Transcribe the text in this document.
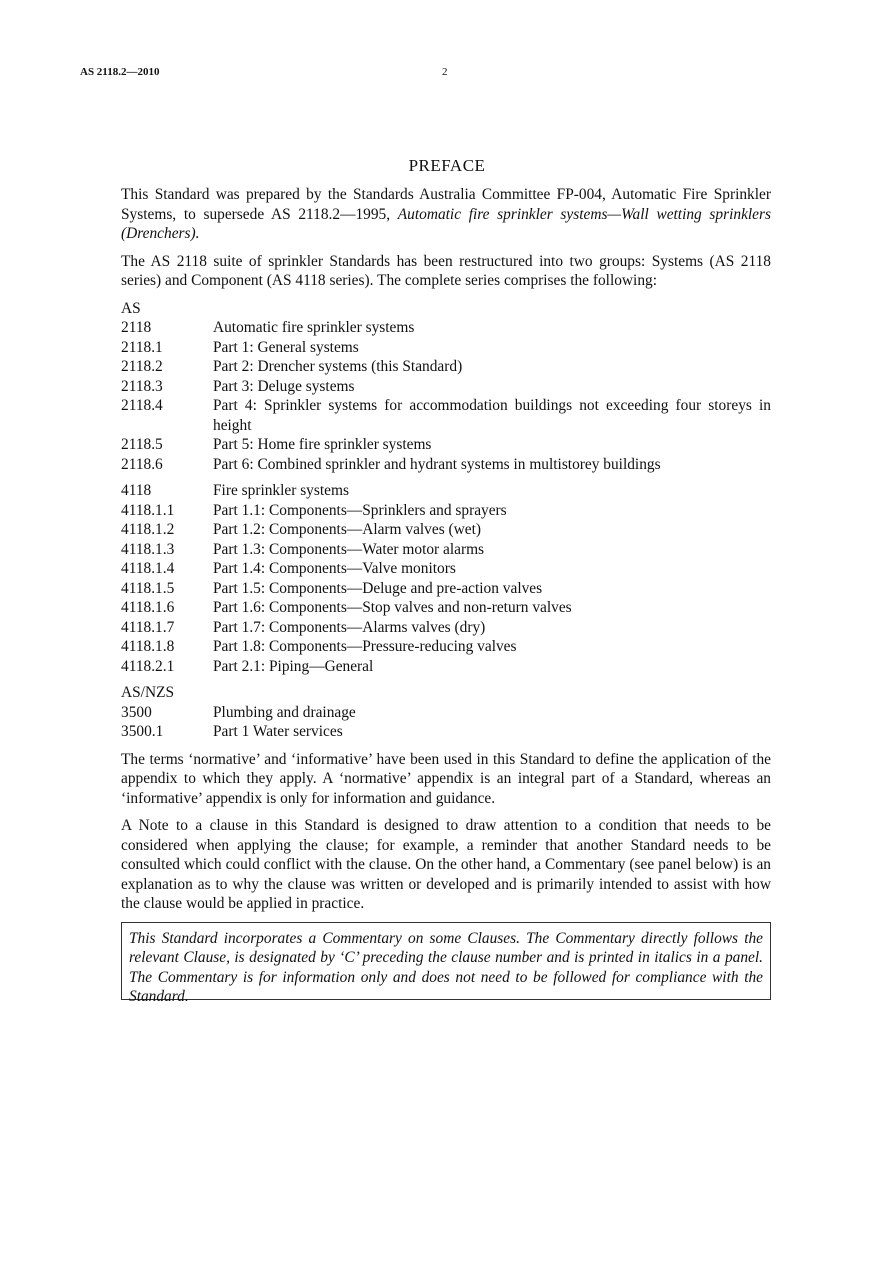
AS 2118.2—2010	2
PREFACE

This Standard was prepared by the Standards Australia Committee FP-004, Automatic Fire Sprinkler Systems, to supersede AS 2118.2—1995, Automatic fire sprinkler systems—Wall wetting sprinklers (Drenchers).

The AS 2118 suite of sprinkler Standards has been restructured into two groups: Systems (AS 2118 series) and Component (AS 4118 series). The complete series comprises the following:

AS
2118	Automatic fire sprinkler systems
2118.1	Part 1: General systems
2118.2	Part 2: Drencher systems (this Standard)
2118.3	Part 3: Deluge systems
2118.4	Part 4: Sprinkler systems for accommodation buildings not exceeding four storeys in height
2118.5	Part 5: Home fire sprinkler systems
2118.6	Part 6: Combined sprinkler and hydrant systems in multistorey buildings
4118	Fire sprinkler systems
4118.1.1	Part 1.1: Components—Sprinklers and sprayers
4118.1.2	Part 1.2: Components—Alarm valves (wet)
4118.1.3	Part 1.3: Components—Water motor alarms
4118.1.4	Part 1.4: Components—Valve monitors
4118.1.5	Part 1.5: Components—Deluge and pre-action valves
4118.1.6	Part 1.6: Components—Stop valves and non-return valves
4118.1.7	Part 1.7: Components—Alarms valves (dry)
4118.1.8	Part 1.8: Components—Pressure-reducing valves
4118.2.1	Part 2.1: Piping—General
AS/NZS
3500	Plumbing and drainage
3500.1	Part 1 Water services

The terms ‘normative’ and ‘informative’ have been used in this Standard to define the application of the appendix to which they apply. A ‘normative’ appendix is an integral part of a Standard, whereas an ‘informative’ appendix is only for information and guidance.

A Note to a clause in this Standard is designed to draw attention to a condition that needs to be considered when applying the clause; for example, a reminder that another Standard needs to be consulted which could conflict with the clause. On the other hand, a Commentary (see panel below) is an explanation as to why the clause was written or developed and is primarily intended to assist with how the clause would be applied in practice.

This Standard incorporates a Commentary on some Clauses. The Commentary directly follows the relevant Clause, is designated by ‘C’ preceding the clause number and is printed in italics in a panel. The Commentary is for information only and does not need to be followed for compliance with the Standard.
